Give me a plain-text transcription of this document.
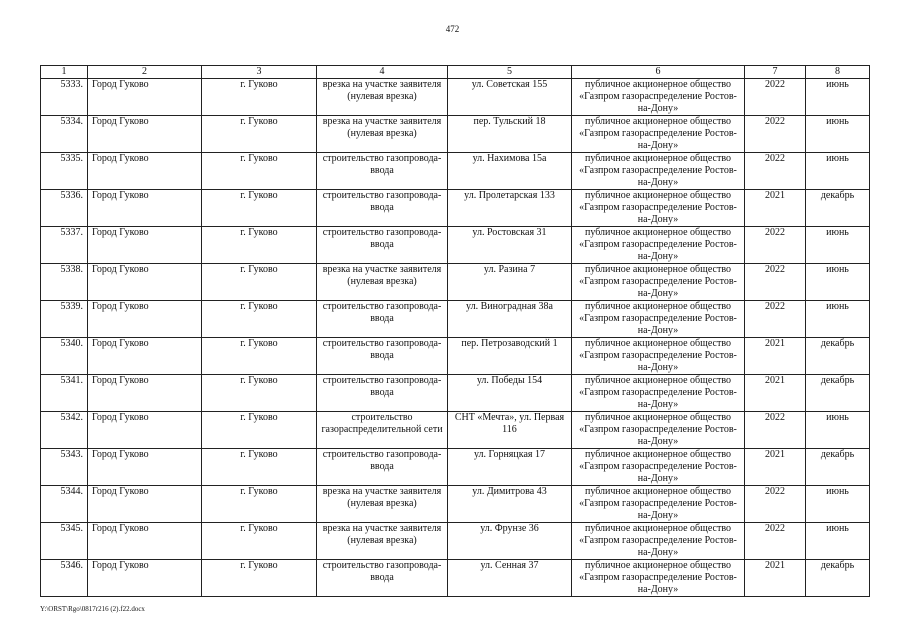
472
1	2	3	4	5	6	7	8
5333.	Город Гуково	г. Гуково	врезка на участке заявителя (нулевая врезка)	ул. Советская 155	публичное акционерное общество «Газпром газораспределение Ростов-на-Дону»	2022	июнь
5334.	Город Гуково	г. Гуково	врезка на участке заявителя (нулевая врезка)	пер. Тульский 18	публичное акционерное общество «Газпром газораспределение Ростов-на-Дону»	2022	июнь
5335.	Город Гуково	г. Гуково	строительство газопровода-ввода	ул. Нахимова 15а	публичное акционерное общество «Газпром газораспределение Ростов-на-Дону»	2022	июнь
5336.	Город Гуково	г. Гуково	строительство газопровода-ввода	ул. Пролетарская 133	публичное акционерное общество «Газпром газораспределение Ростов-на-Дону»	2021	декабрь
5337.	Город Гуково	г. Гуково	строительство газопровода-ввода	ул. Ростовская 31	публичное акционерное общество «Газпром газораспределение Ростов-на-Дону»	2022	июнь
5338.	Город Гуково	г. Гуково	врезка на участке заявителя (нулевая врезка)	ул. Разина 7	публичное акционерное общество «Газпром газораспределение Ростов-на-Дону»	2022	июнь
5339.	Город Гуково	г. Гуково	строительство газопровода-ввода	ул. Виноградная 38а	публичное акционерное общество «Газпром газораспределение Ростов-на-Дону»	2022	июнь
5340.	Город Гуково	г. Гуково	строительство газопровода-ввода	пер. Петрозаводский 1	публичное акционерное общество «Газпром газораспределение Ростов-на-Дону»	2021	декабрь
5341.	Город Гуково	г. Гуково	строительство газопровода-ввода	ул. Победы 154	публичное акционерное общество «Газпром газораспределение Ростов-на-Дону»	2021	декабрь
5342.	Город Гуково	г. Гуково	строительство газораспределительной сети	СНТ «Мечта», ул. Первая 116	публичное акционерное общество «Газпром газораспределение Ростов-на-Дону»	2022	июнь
5343.	Город Гуково	г. Гуково	строительство газопровода-ввода	ул. Горняцкая 17	публичное акционерное общество «Газпром газораспределение Ростов-на-Дону»	2021	декабрь
5344.	Город Гуково	г. Гуково	врезка на участке заявителя (нулевая врезка)	ул. Димитрова 43	публичное акционерное общество «Газпром газораспределение Ростов-на-Дону»	2022	июнь
5345.	Город Гуково	г. Гуково	врезка на участке заявителя (нулевая врезка)	ул. Фрунзе 36	публичное акционерное общество «Газпром газораспределение Ростов-на-Дону»	2022	июнь
5346.	Город Гуково	г. Гуково	строительство газопровода-ввода	ул. Сенная 37	публичное акционерное общество «Газпром газораспределение Ростов-на-Дону»	2021	декабрь
Y:\ORST\Rgo\0817r216 (2).f22.docx
